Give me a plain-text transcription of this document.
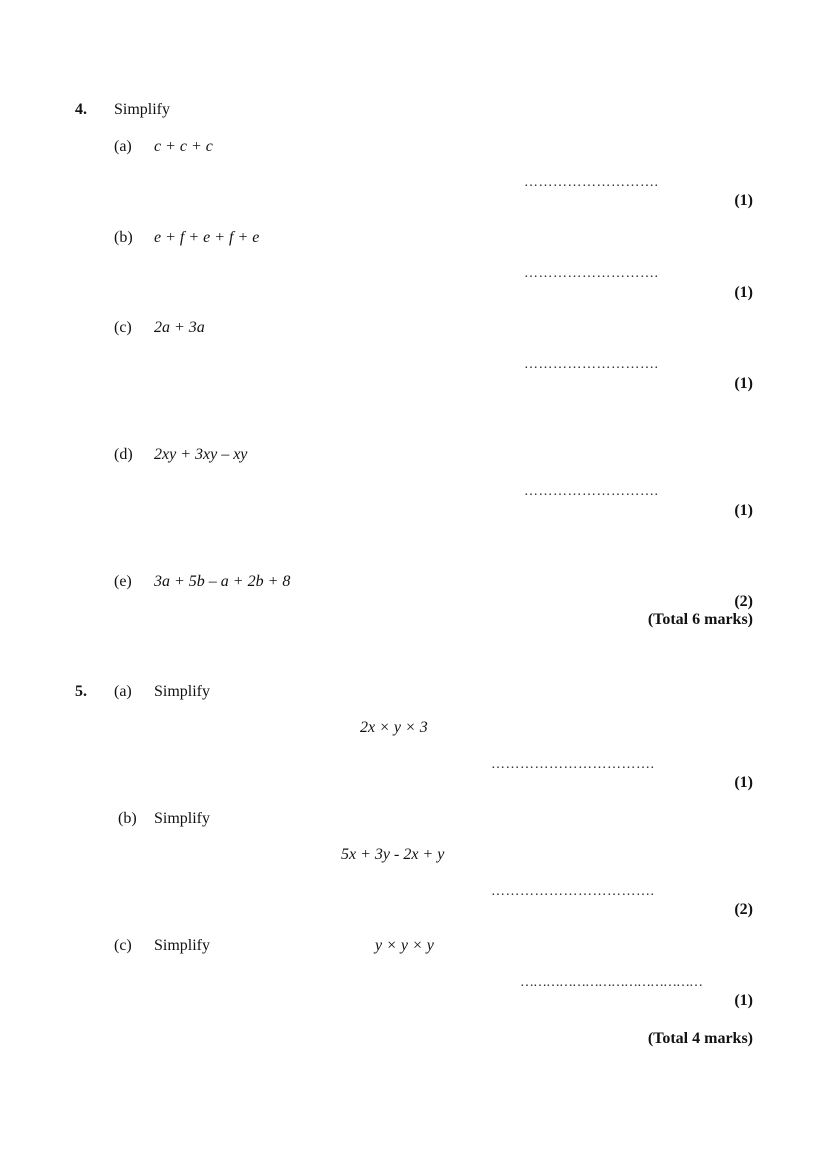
4. Simplify
(a) c + c + c
……………………….
(1)
(b) e + f + e + f + e
……………………….
(1)
(c) 2a + 3a
……………………….
(1)
(d) 2xy + 3xy – xy
……………………….
(1)
(e) 3a + 5b – a + 2b + 8
(2)
(Total 6 marks)
5. (a) Simplify
2x × y × 3
…………………………….
(1)
(b) Simplify
5x + 3y - 2x + y
…………………………….
(2)
(c) Simplify	y × y × y
……………………………………
(1)
(Total 4 marks)
